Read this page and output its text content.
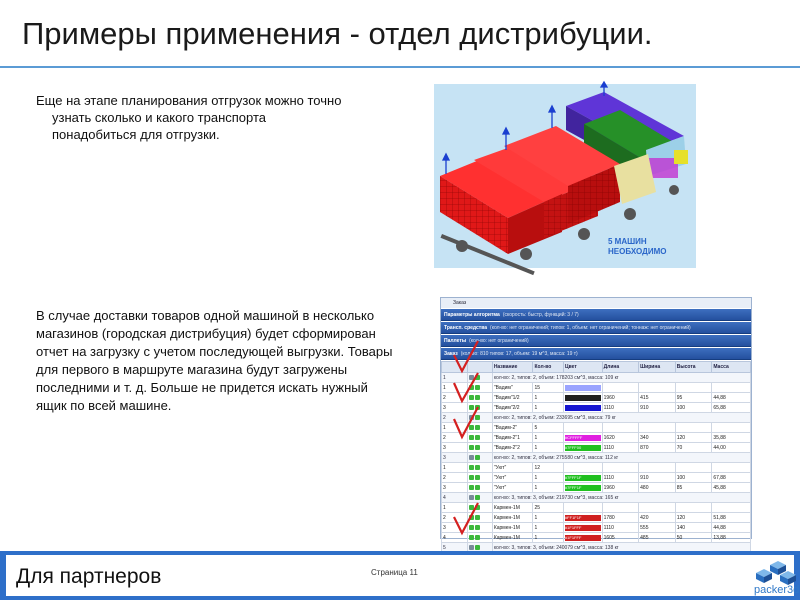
Примеры применения - отдел дистрибуции.
Еще на этапе планирования отгрузок можно точно
узнать сколько и какого транспорта
понадобиться для отгрузки.
5 МАШИН
НЕОБХОДИМО
В случае доставки товаров одной машиной в несколько магазинов (городская дистрибуция) будет сформирован отчет на загрузку с учетом последующей выгрузки. Товары для первого в маршруте магазина будут загружены последними и т. д. Больше не придется искать нужный ящик по всей машине.
Заказ
Параметры алгоритма (скорость: быстр, функций: 3 / 7)
Трансп. средства (кол-во: нет ограничений; типов: 1, объем: нет ограничений; тоннаж: нет ограничений)
Паллеты (кол-во: нет ограничений)
Заказ (кол-во: 810 типов: 17, объем: 19 м^3, масса: 19 т)
		Название	Кол-во	Цвет	Длина	Ширина	Высота	Масса
1		кол-во: 2, типов: 2, объем: 178203 см^3, масса: 109 кг						
1		"Вадим"	15	

2		"Вадим"1/2	1		1960	415	95	44,88
3		"Вадим"2/2	1		1110	910	100	65,88
2		кол-во: 2, типов: 2, объем: 233695 см^3, масса: 79 кг						
1		"Вадим-2"	5					
2		"Вадим-2"1	1	#CFFFFF	1620	340	120	35,88
3		"Вадим-2"2	1	#7FFF00	1110	870	70	44,00
3		кол-во: 2, типов: 2, объем: 275580 см^3, масса: 112 кг						
1		"Уют"	12					
2		"Уют"	1	#7FFF1F	1110	910	100	67,88
3		"Уют"	1	#7FFF1F	1960	480	85	45,88
4		кол-во: 3, типов: 3, объем: 219730 см^3, масса: 165 кг						
1		Кармен-1М	25					
2		Кармен-1М	1	#FF1F1F	1780	420	120	51,88
3		Кармен-1М	1	#1F1FFF	1110	555	140	44,88
4		Кармен-1М	1	#1F1FFF	1605	485	50	13,88
5		кол-во: 3, типов: 3, объем: 240079 см^3, масса: 138 кг						

Для партнеров	Страница 11
packer3d
